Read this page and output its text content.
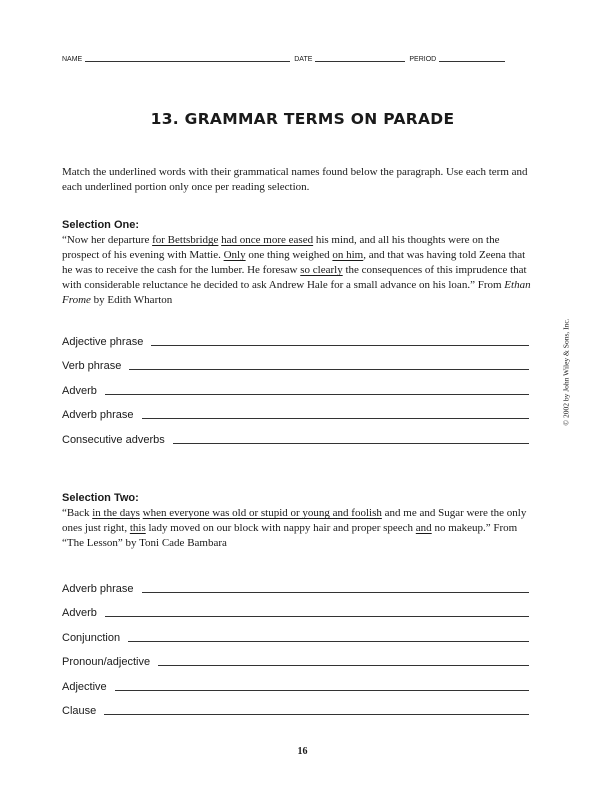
NAME	DATE	PERIOD
13. GRAMMAR TERMS ON PARADE
Match the underlined words with their grammatical names found below the paragraph. Use each term and each underlined portion only once per reading selection.
Selection One:
“Now her departure for Bettsbridge had once more eased his mind, and all his thoughts were on the prospect of his evening with Mattie. Only one thing weighed on him, and that was having told Zeena that he was to receive the cash for the lumber. He foresaw so clearly the consequences of this imprudence that with considerable reluctance he decided to ask Andrew Hale for a small advance on his loan.” From Ethan Frome by Edith Wharton
Adjective phrase
Verb phrase
Adverb
Adverb phrase
Consecutive adverbs
Selection Two:
“Back in the days when everyone was old or stupid or young and foolish and me and Sugar were the only ones just right, this lady moved on our block with nappy hair and proper speech and no makeup.” From “The Lesson” by Toni Cade Bambara
Adverb phrase
Adverb
Conjunction
Pronoun/adjective
Adjective
Clause
© 2002 by John Wiley & Sons, Inc.
16
